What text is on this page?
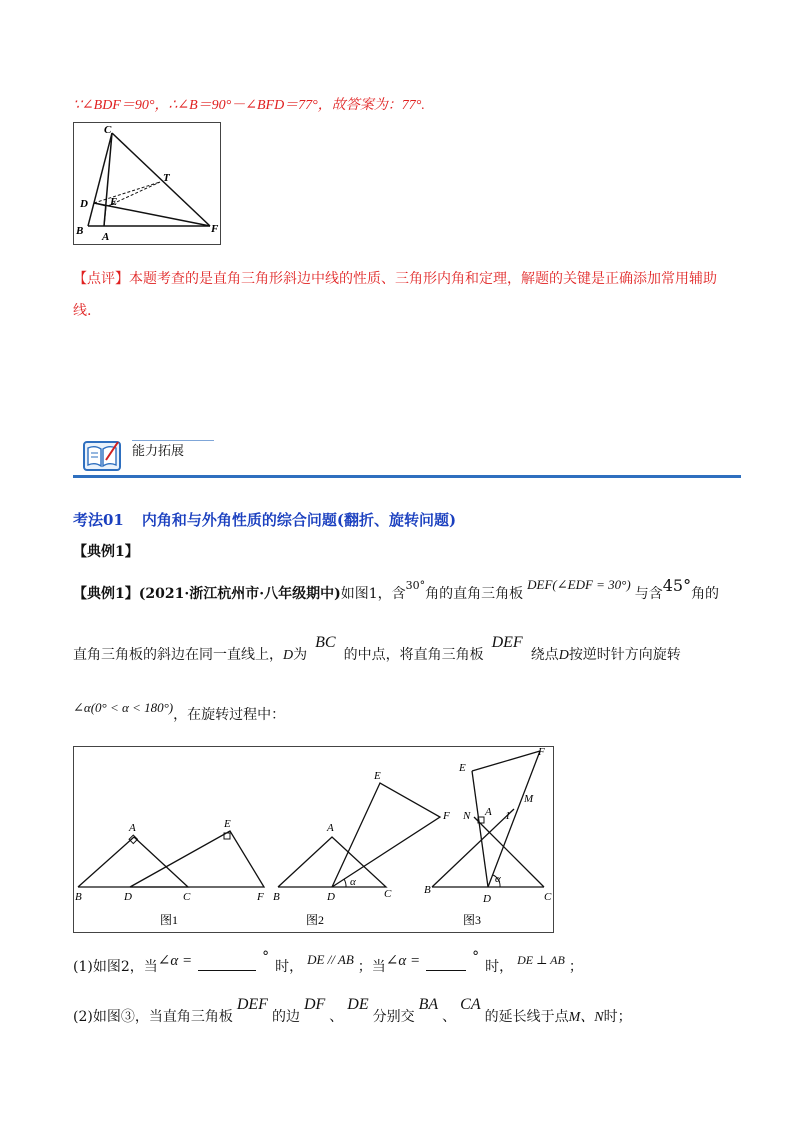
∵∠BDF＝90°，∴∠B＝90°－∠BFD＝77°，故答案为：77°.
C
T
D E
B A
F
【点评】本题考查的是直角三角形斜边中线的性质、三角形内角和定理，解题的关键是正确添加常用辅助线.
能力拓展
考法01 内角和与外角性质的综合问题(翻折、旋转问题)
【典例1】
【典例1】(2021·浙江杭州市·八年级期中)如图1，含$^{30^\circ}$角的直角三角板DEF(∠EDF = 30°)与含45°角的
直角三角板的斜边在同一直线上，D为BC的中点，将直角三角板DEF绕点D按逆时针方向旋转
∠α(0° < α < 180°)，在旋转过程中：
A	E
B	D	C	F
图1
A
E
F
α
B	D	C
图2
E
F
M
N A 1
α
B
D	C
图3
(1)如图2，当∠α =	°时， DE // AB ；当∠α =	°时， DE ⊥ AB ；
(2)如图③，当直角三角板DEF的边DF、DE分别交BA、CA的延长线于点M、N时；
